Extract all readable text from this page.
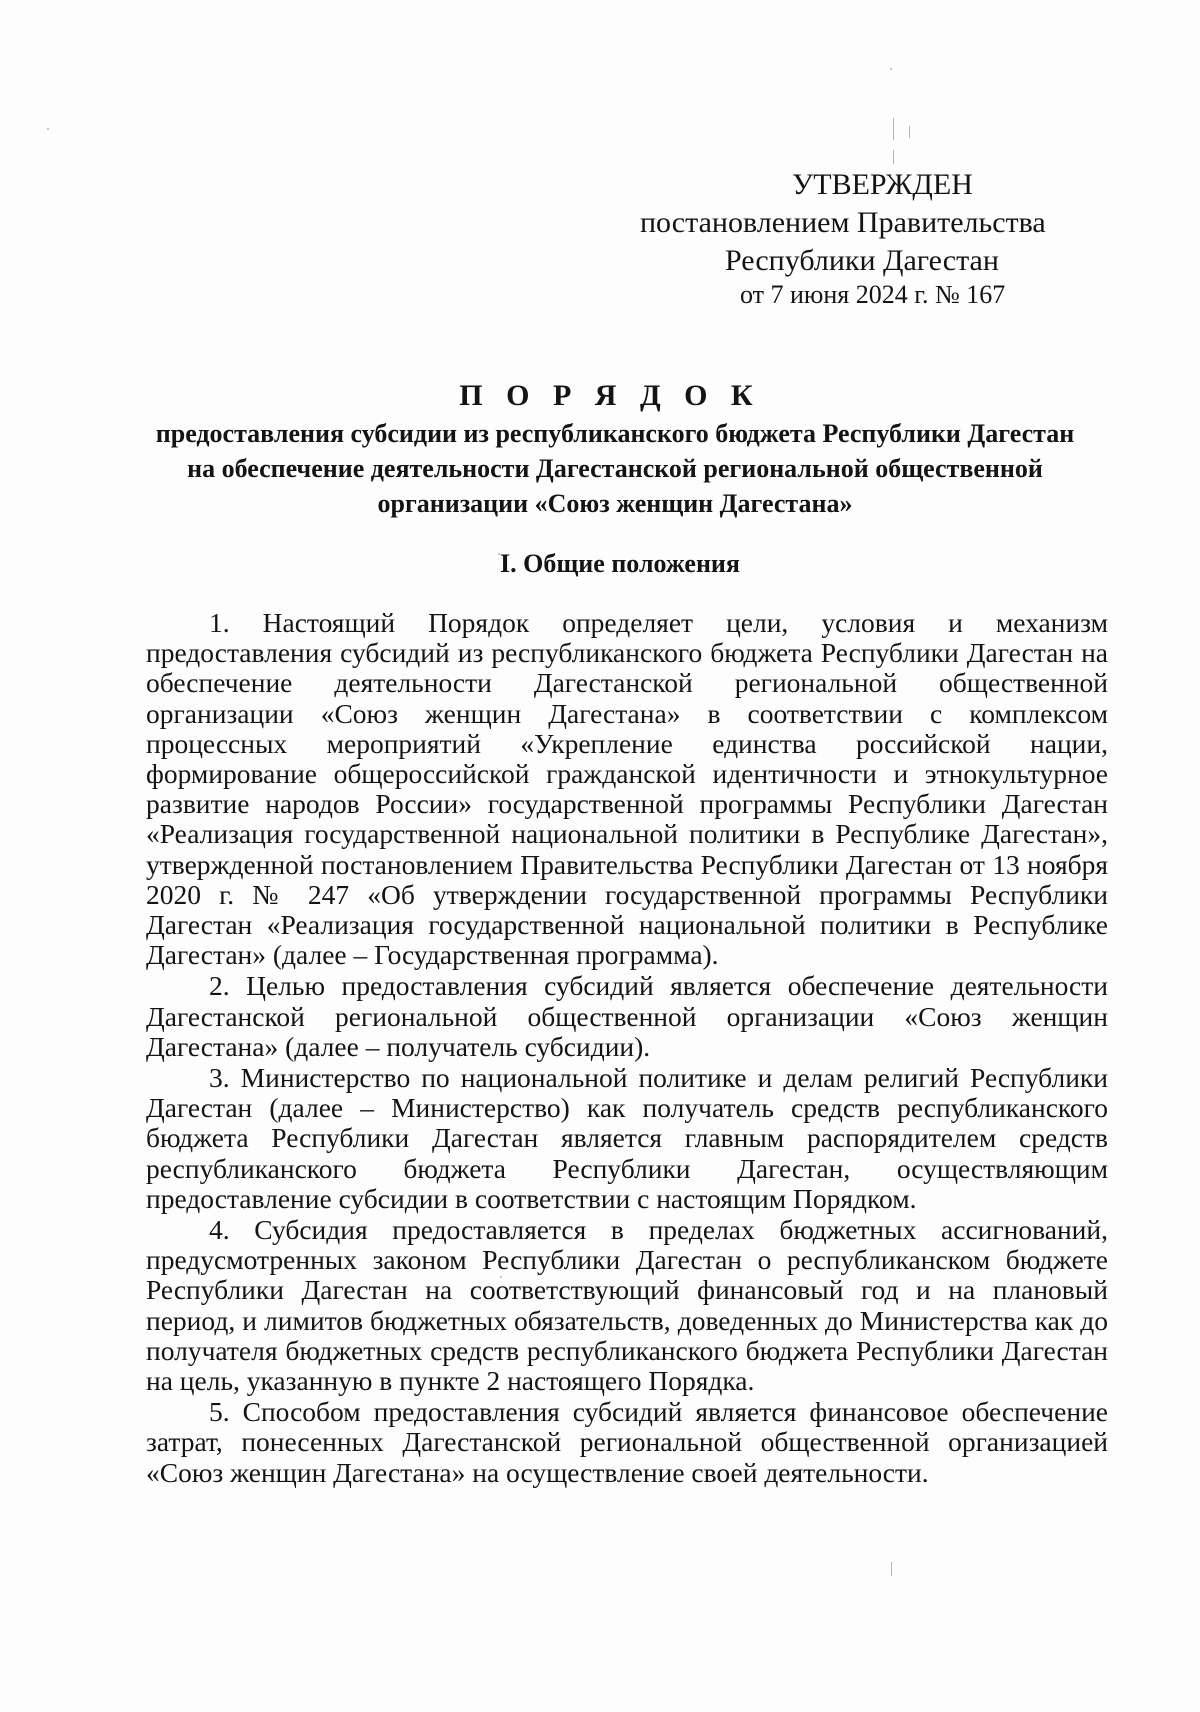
УТВЕРЖДЕН
постановлением Правительства
Республики Дагестан
от 7 июня 2024 г. № 167
П О Р Я Д О К
предоставления субсидии из республиканского бюджета Республики Дагестан на обеспечение деятельности Дагестанской региональной общественной организации «Союз женщин Дагестана»
I. Общие положения

1. Настоящий Порядок определяет цели, условия и механизм предоставления субсидий из республиканского бюджета Республики Дагестан на обеспечение деятельности Дагестанской региональной общественной организации «Союз женщин Дагестана» в соответствии с комплексом процессных мероприятий «Укрепление единства российской нации, формирование общероссийской гражданской идентичности и этнокультурное развитие народов России» государственной программы Республики Дагестан «Реализация государственной национальной политики в Республике Дагестан», утвержденной постановлением Правительства Республики Дагестан от 13 ноября 2020 г. № 247 «Об утверждении государственной программы Республики Дагестан «Реализация государственной национальной политики в Республике Дагестан» (далее – Государственная программа).

2. Целью предоставления субсидий является обеспечение деятельности Дагестанской региональной общественной организации «Союз женщин Дагестана» (далее – получатель субсидии).

3. Министерство по национальной политике и делам религий Республики Дагестан (далее – Министерство) как получатель средств республиканского бюджета Республики Дагестан является главным распорядителем средств республиканского бюджета Республики Дагестан, осуществляющим предоставление субсидии в соответствии с настоящим Порядком.

4. Субсидия предоставляется в пределах бюджетных ассигнований, предусмотренных законом Республики Дагестан о республиканском бюджете Республики Дагестан на соответствующий финансовый год и на плановый период, и лимитов бюджетных обязательств, доведенных до Министерства как до получателя бюджетных средств республиканского бюджета Республики Дагестан на цель, указанную в пункте 2 настоящего Порядка.

5. Способом предоставления субсидий является финансовое обеспечение затрат, понесенных Дагестанской региональной общественной организацией «Союз женщин Дагестана» на осуществление своей деятельности.
